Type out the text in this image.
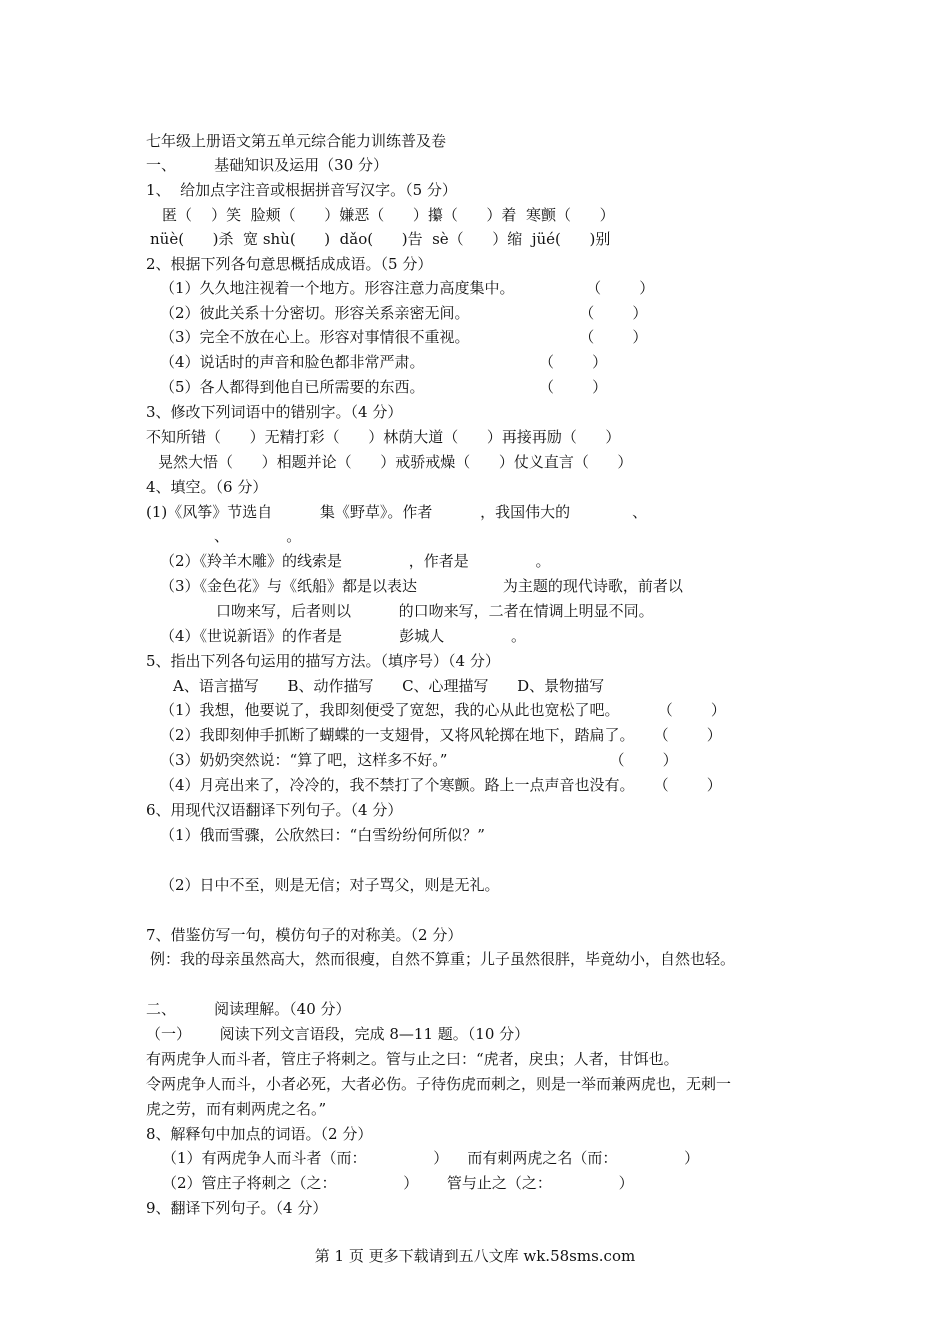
七年级上册语文第五单元综合能力训练普及卷
一、        基础知识及运用（30 分）
1、  给加点字注音或根据拼音写汉字。（5 分）
匿（    ）笑  脸颊（      ）嫌恶（      ）攥（      ）着  寒颤（      ）
nüè(      )杀  宽 shù(      )  dǎo(      )告  sè（      ）缩  jüé(      )别
2、根据下列各句意思概括成成语。（5 分）
（1）久久地注视着一个地方。形容注意力高度集中。               （        ）
（2）彼此关系十分密切。形容关系亲密无间。                       （        ）
（3）完全不放在心上。形容对事情很不重视。                       （        ）
（4）说话时的声音和脸色都非常严肃。                        （        ）
（5）各人都得到他自已所需要的东西。                        （        ）
3、修改下列词语中的错别字。（4 分）
不知所错（      ）无精打彩（      ）林荫大道（      ）再接再励（      ）
晃然大悟（      ）相题并论（      ）戒骄戒燥（      ）仗义直言（      ）
4、填空。（6 分）
(1)《风筝》节选自          集《野草》。作者          ，我国伟大的             、
、            。
（2）《羚羊木雕》的线索是              ，作者是              。
（3）《金色花》与《纸船》都是以表达                  为主题的现代诗歌，前者以
口吻来写，后者则以          的口吻来写，二者在情调上明显不同。
（4）《世说新语》的作者是            彭城人              。
5、指出下列各句运用的描写方法。（填序号）（4 分）
A、语言描写      B、动作描写      C、心理描写      D、景物描写
（1）我想，他要说了，我即刻便受了宽恕，我的心从此也宽松了吧。        （        ）
（2）我即刻伸手抓断了蝴蝶的一支翅骨，又将风轮掷在地下，踏扁了。    （        ）
（3）奶奶突然说：“算了吧，这样多不好。”                                  （        ）
（4）月亮出来了，冷冷的，我不禁打了个寒颤。路上一点声音也没有。    （        ）
6、用现代汉语翻译下列句子。（4 分）
（1）俄而雪骤，公欣然曰：“白雪纷纷何所似？”
（2）日中不至，则是无信；对子骂父，则是无礼。
7、借鉴仿写一句，模仿句子的对称美。（2 分）
例：我的母亲虽然高大，然而很瘦，自然不算重；儿子虽然很胖，毕竟幼小，自然也轻。
二、        阅读理解。（40 分）
（一）      阅读下列文言语段，完成 8—11 题。（10 分）
有两虎争人而斗者，管庄子将刺之。管与止之曰：“虎者，戾虫；人者，甘饵也。
令两虎争人而斗，小者必死，大者必伤。子待伤虎而刺之，则是一举而兼两虎也，无刺一
虎之劳，而有刺两虎之名。”
8、解释句中加点的词语。（2 分）
（1）有两虎争人而斗者（而：              ）    而有刺两虎之名（而：              ）
（2）管庄子将刺之（之：              ）      管与止之（之：              ）
9、翻译下列句子。（4 分）
第 1 页 更多下载请到五八文库 wk.58sms.com
